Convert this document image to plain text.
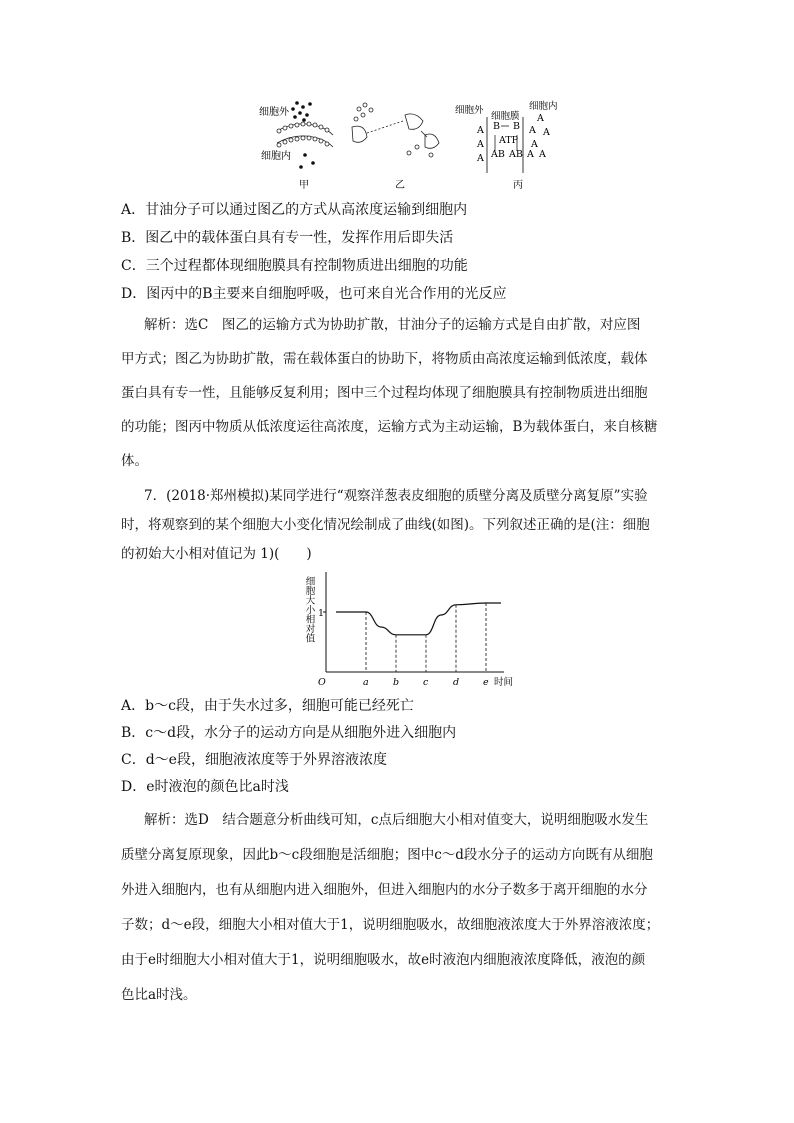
细胞外
细胞内
甲	乙
细胞外
细胞膜
细胞内
A
A
A
B B
ATP
AB AB
A
A A
A
A A
丙
A．甘油分子可以通过图乙的方式从高浓度运输到细胞内
B．图乙中的载体蛋白具有专一性，发挥作用后即失活
C．三个过程都体现细胞膜具有控制物质进出细胞的功能
D．图丙中的B主要来自细胞呼吸，也可来自光合作用的光反应
解析：选C　图乙的运输方式为协助扩散，甘油分子的运输方式是自由扩散，对应图
甲方式；图乙为协助扩散，需在载体蛋白的协助下，将物质由高浓度运输到低浓度，载体
蛋白具有专一性，且能够反复利用；图中三个过程均体现了细胞膜具有控制物质进出细胞
的功能；图丙中物质从低浓度运往高浓度，运输方式为主动运输，B为载体蛋白，来自核糖
体。
7．(2018·郑州模拟)某同学进行“观察洋葱表皮细胞的质壁分离及质壁分离复原”实验
时，将观察到的某个细胞大小变化情况绘制成了曲线(如图)。下列叙述正确的是(注：细胞
的初始大小相对值记为 1)(　　)
细胞大小相对值
时间
O
1
a	b	c	d	e
A．b～c段，由于失水过多，细胞可能已经死亡
B．c～d段，水分子的运动方向是从细胞外进入细胞内
C．d～e段，细胞液浓度等于外界溶液浓度
D．e时液泡的颜色比a时浅
解析：选D　结合题意分析曲线可知，c点后细胞大小相对值变大，说明细胞吸水发生
质壁分离复原现象，因此b～c段细胞是活细胞；图中c～d段水分子的运动方向既有从细胞
外进入细胞内，也有从细胞内进入细胞外，但进入细胞内的水分子数多于离开细胞的水分
子数；d～e段，细胞大小相对值大于1，说明细胞吸水，故细胞液浓度大于外界溶液浓度；
由于e时细胞大小相对值大于1，说明细胞吸水，故e时液泡内细胞液浓度降低，液泡的颜
色比a时浅。
